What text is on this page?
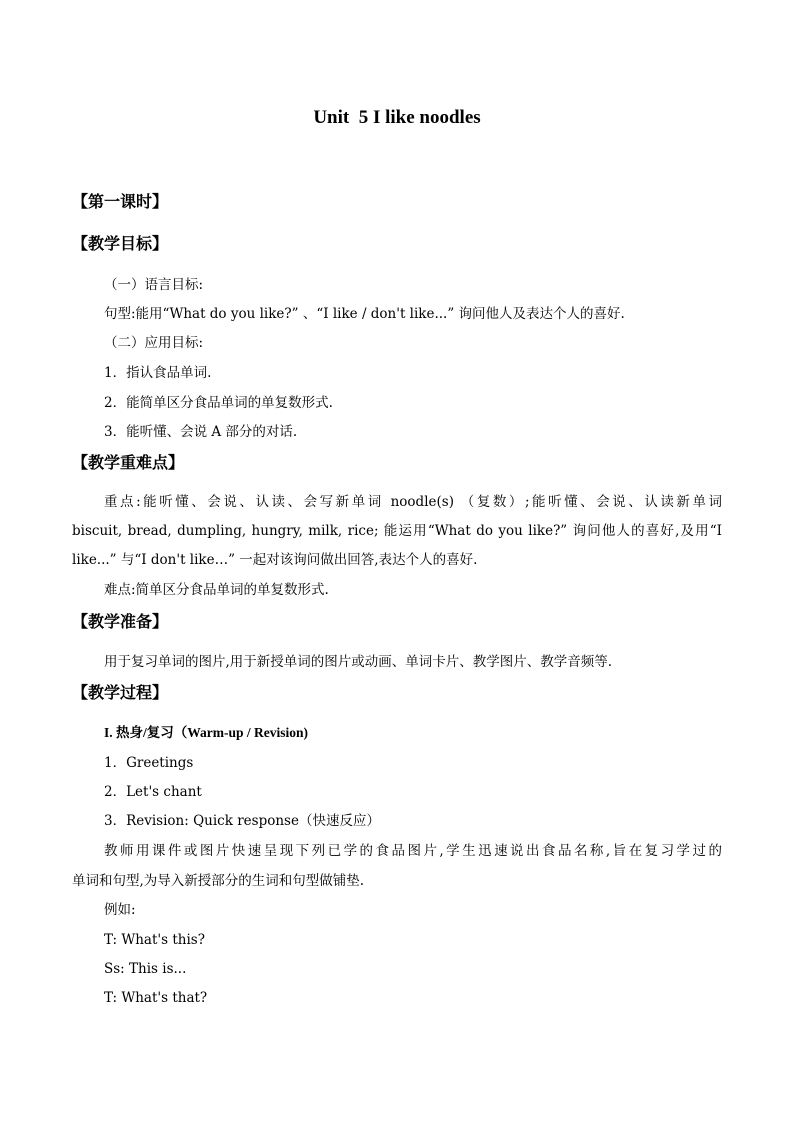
Unit  5 I like noodles
【第一课时】
【教学目标】
（一）语言目标:
句型:能用“What do you like?” 、“I like / don't like...” 询问他人及表达个人的喜好.
（二）应用目标:
1．指认食品单词.
2．能简单区分食品单词的单复数形式.
3．能听懂、会说 A 部分的对话.
【教学重难点】
重点:能听懂、会说、认读、会写新单词 noodle(s) （复数）;能听懂、会说、认读新单词
biscuit, bread, dumpling, hungry, milk, rice; 能运用“What do you like?” 询问他人的喜好,及用“I
like...” 与“I don't like…” 一起对该询问做出回答,表达个人的喜好.
难点:简单区分食品单词的单复数形式.
【教学准备】
用于复习单词的图片,用于新授单词的图片或动画、单词卡片、教学图片、教学音频等.
【教学过程】
I. 热身/复习（Warm-up / Revision)
1．Greetings
2．Let's chant
3．Revision: Quick response（快速反应）
教师用课件或图片快速呈现下列已学的食品图片,学生迅速说出食品名称,旨在复习学过的
单词和句型,为导入新授部分的生词和句型做铺垫.
例如:
T: What's this?
Ss: This is...
T: What's that?
